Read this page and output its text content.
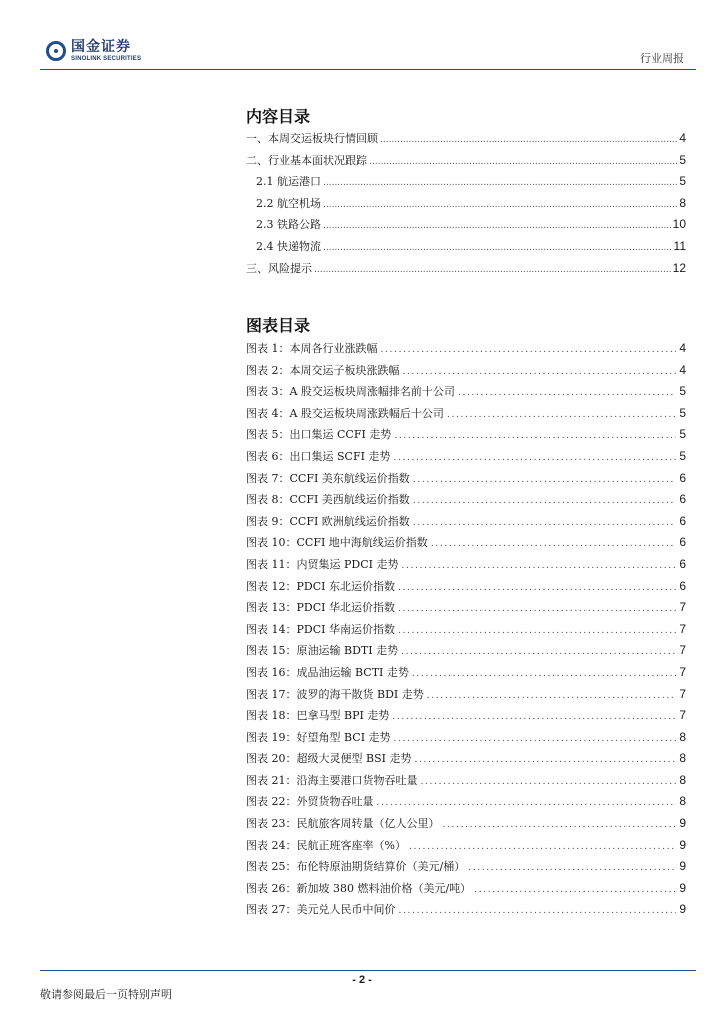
国金证券
SINOLINK SECURITIES	行业周报
内容目录
一、本周交运板块行情回顾 .....	4
二、行业基本面状况跟踪 .....	5
2.1 航运港口 .....	5
2.2 航空机场 .....	8
2.3 铁路公路 .....	10
2.4 快递物流 .....	11
三、风险提示 .....	12
图表目录
图表 1：本周各行业涨跌幅 . . .	4
图表 2：本周交运子板块涨跌幅 . . .	4
图表 3：A 股交运板块周涨幅排名前十公司 . . .	5
图表 4：A 股交运板块周涨跌幅后十公司 . . .	5
图表 5：出口集运 CCFI 走势 . . .	5
图表 6：出口集运 SCFI 走势 . . .	5
图表 7：CCFI 美东航线运价指数 . . .	6
图表 8：CCFI 美西航线运价指数 . . .	6
图表 9：CCFI 欧洲航线运价指数 . . .	6
图表 10：CCFI 地中海航线运价指数 . . .	6
图表 11：内贸集运 PDCI 走势 . . .	6
图表 12：PDCI 东北运价指数 . . .	6
图表 13：PDCI 华北运价指数 . . .	7
图表 14：PDCI 华南运价指数 . . .	7
图表 15：原油运输 BDTI 走势 . . .	7
图表 16：成品油运输 BCTI 走势 . . .	7
图表 17：波罗的海干散货 BDI 走势 . . .	7
图表 18：巴拿马型 BPI 走势 . . .	7
图表 19：好望角型 BCI 走势 . . .	8
图表 20：超级大灵便型 BSI 走势 . . .	8
图表 21：沿海主要港口货物吞吐量 . . .	8
图表 22：外贸货物吞吐量 . . .	8
图表 23：民航旅客周转量（亿人公里） . . .	9
图表 24：民航正班客座率（%） . . .	9
图表 25：布伦特原油期货结算价（美元/桶） . . .	9
图表 26：新加坡 380 燃料油价格（美元/吨） . . .	9
图表 27：美元兑人民币中间价 . . .	9
- 2 -
敬请参阅最后一页特别声明
